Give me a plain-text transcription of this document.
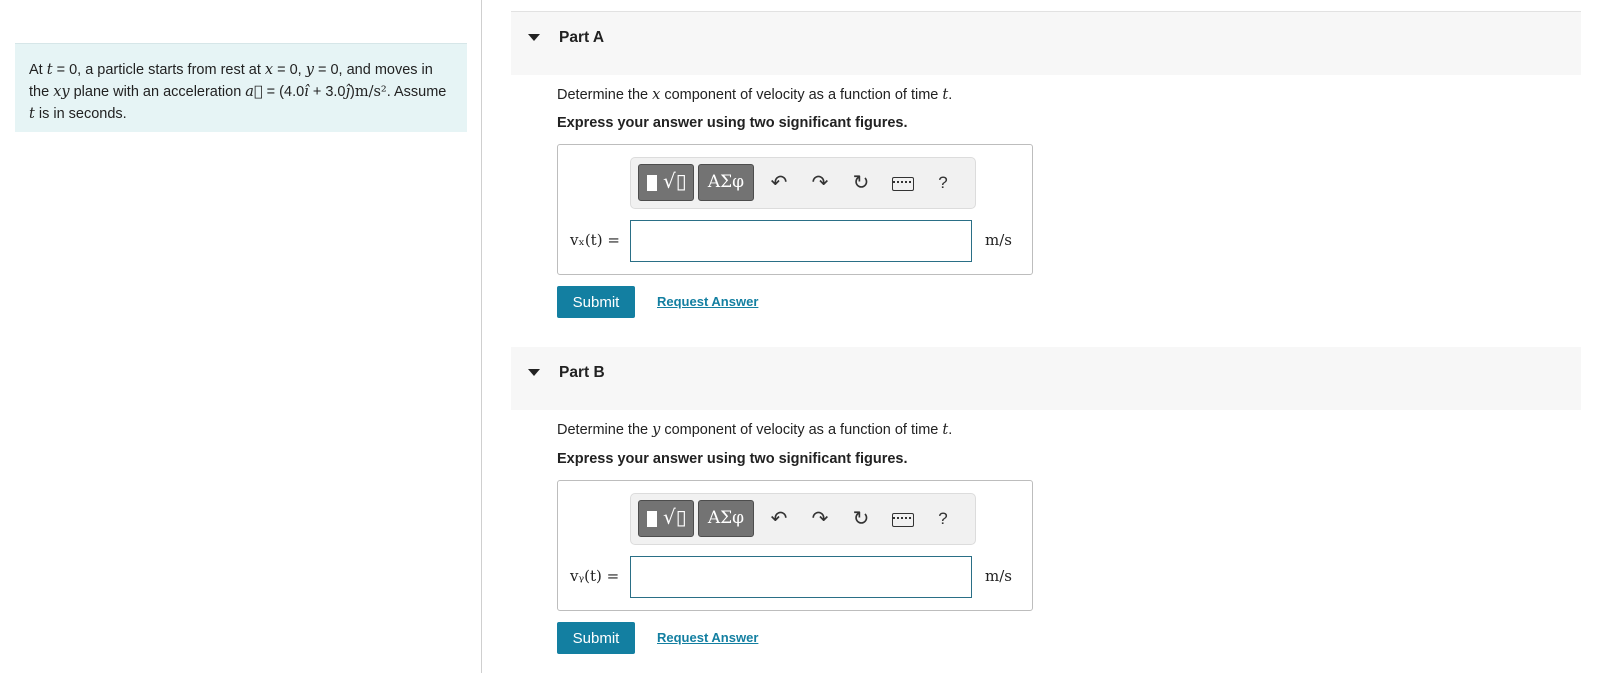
At t = 0, a particle starts from rest at x = 0, y = 0, and moves in the xy plane with an acceleration a⃗ = (4.0î + 3.0ĵ)m/s². Assume t is in seconds.
Part A
Determine the x component of velocity as a function of time t.
Express your answer using two significant figures.
√▯	ΑΣφ	↶ ↷ ↻	?
vₓ(t) =	m/s
Submit	Request Answer
Part B
Determine the y component of velocity as a function of time t.
Express your answer using two significant figures.
√▯	ΑΣφ	↶ ↷ ↻	?
vᵧ(t) =	m/s
Submit	Request Answer
